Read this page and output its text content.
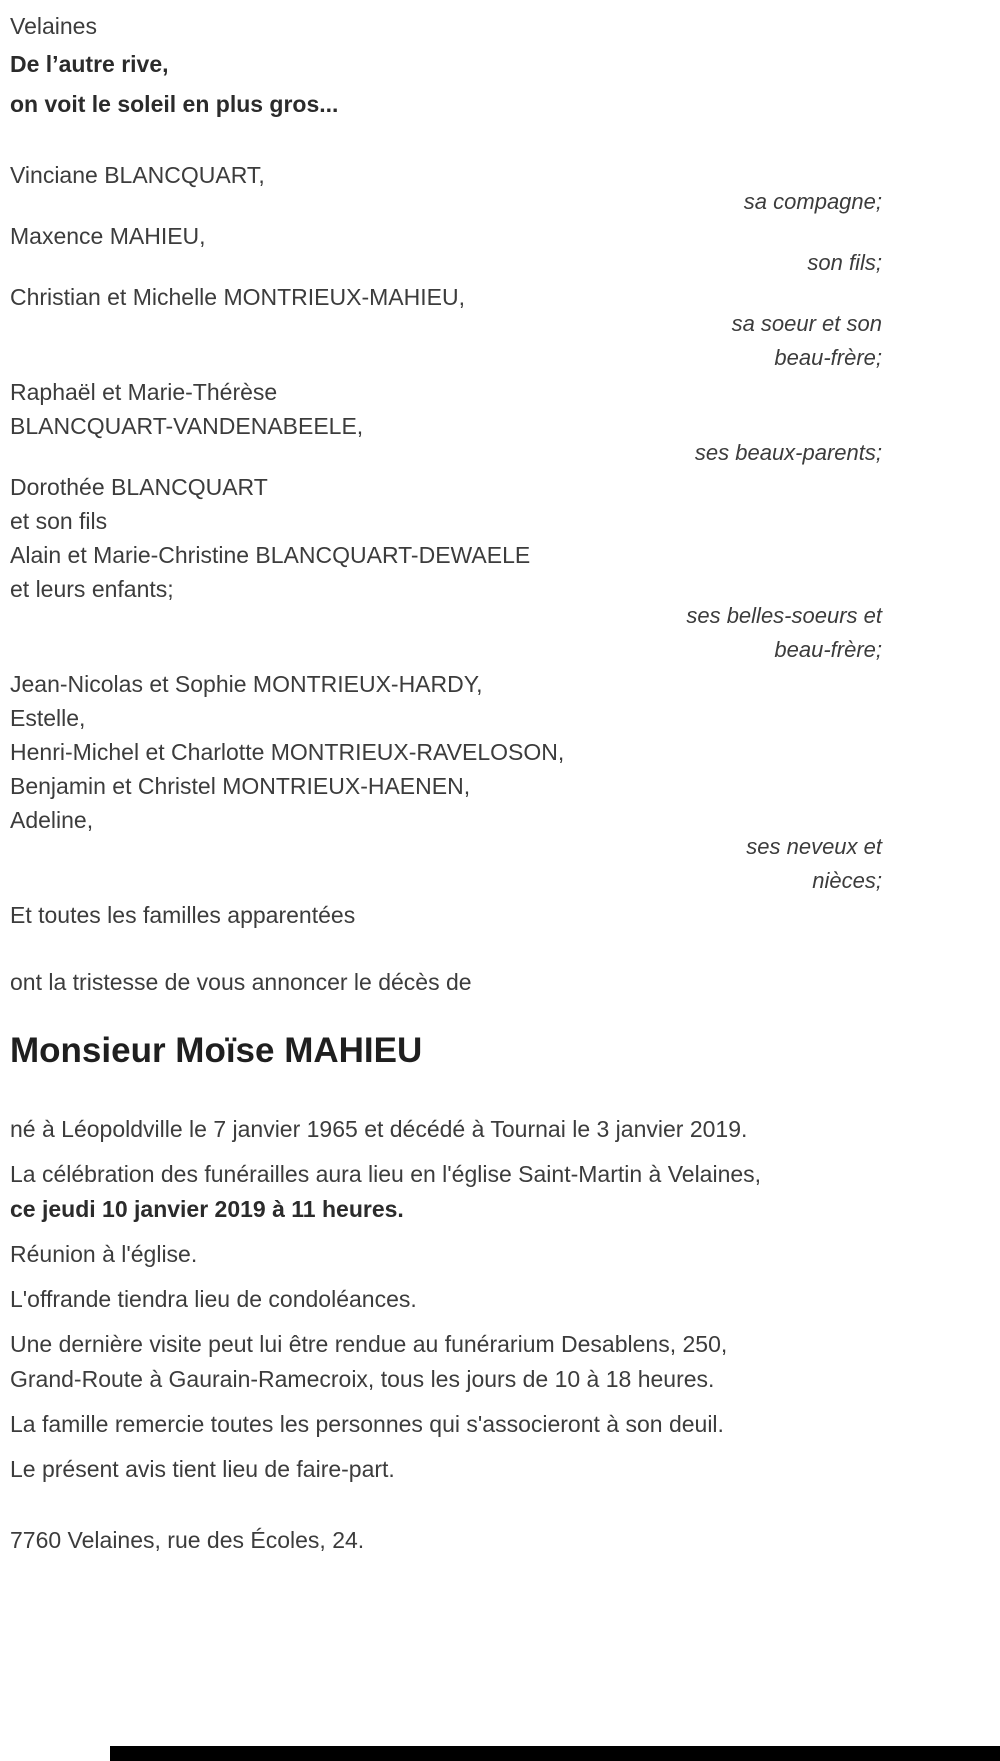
Velaines
De l’autre rive,
on voit le soleil en plus gros...
Vinciane BLANCQUART,
sa compagne;
Maxence MAHIEU,
son fils;
Christian et Michelle MONTRIEUX-MAHIEU,
sa soeur et son
beau-frère;
Raphaël et Marie-Thérèse
BLANCQUART-VANDENABEELE,
ses beaux-parents;
Dorothée BLANCQUART
et son fils
Alain et Marie-Christine BLANCQUART-DEWAELE
et leurs enfants;
ses belles-soeurs et
beau-frère;
Jean-Nicolas et Sophie MONTRIEUX-HARDY,
Estelle,
Henri-Michel et Charlotte MONTRIEUX-RAVELOSON,
Benjamin et Christel MONTRIEUX-HAENEN,
Adeline,
ses neveux et
nièces;
Et toutes les familles apparentées
ont la tristesse de vous annoncer le décès de
Monsieur Moïse MAHIEU
né à Léopoldville le 7 janvier 1965 et décédé à Tournai le 3 janvier 2019.
La célébration des funérailles aura lieu en l'église Saint-Martin à Velaines,
ce jeudi 10 janvier 2019 à 11 heures.
Réunion à l'église.
L'offrande tiendra lieu de condoléances.
Une dernière visite peut lui être rendue au funérarium Desablens, 250,
Grand-Route à Gaurain-Ramecroix, tous les jours de 10 à 18 heures.
La famille remercie toutes les personnes qui s'associeront à son deuil.
Le présent avis tient lieu de faire-part.
7760 Velaines, rue des Écoles, 24.
